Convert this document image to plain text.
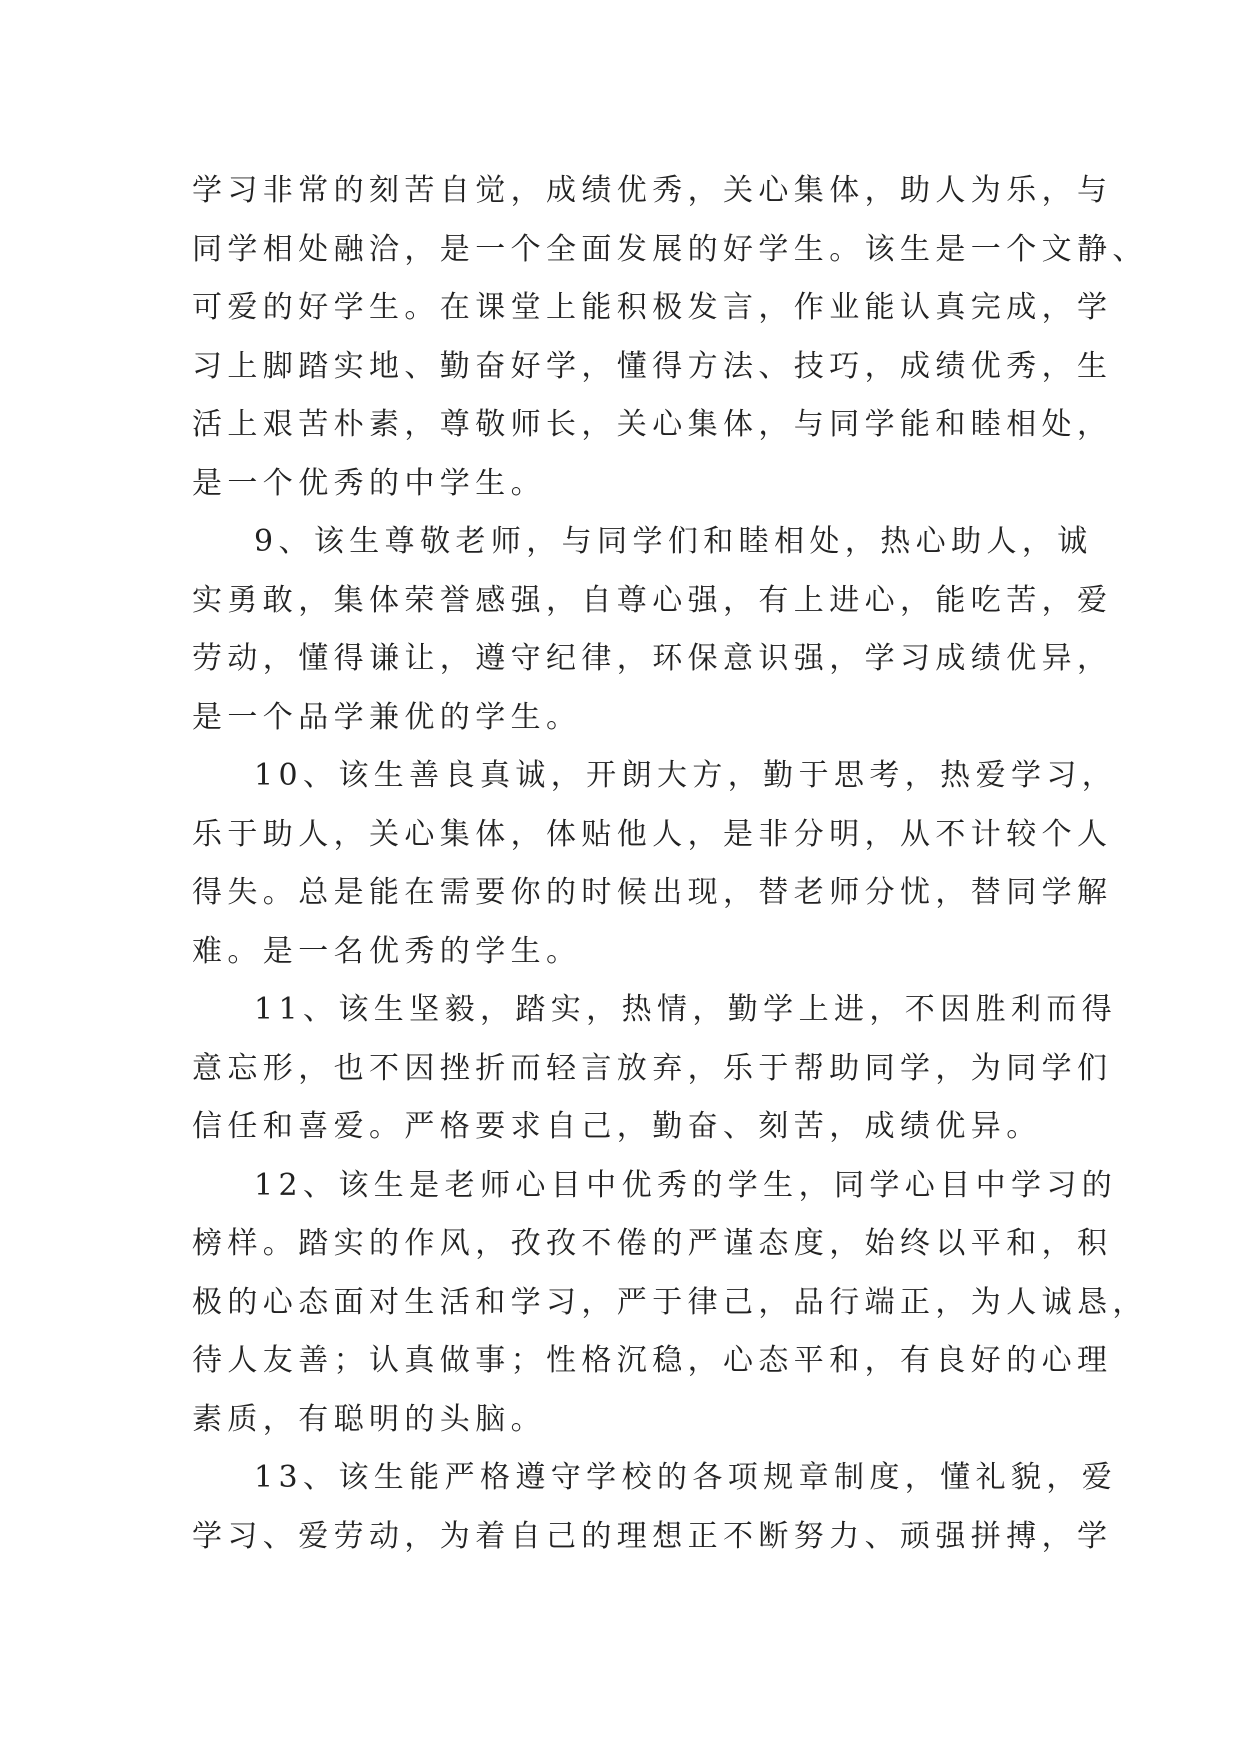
学习非常的刻苦自觉，成绩优秀，关心集体，助人为乐，与
同学相处融洽，是一个全面发展的好学生。该生是一个文静、
可爱的好学生。在课堂上能积极发言，作业能认真完成，学
习上脚踏实地、勤奋好学，懂得方法、技巧，成绩优秀，生
活上艰苦朴素，尊敬师长，关心集体，与同学能和睦相处，
是一个优秀的中学生。
9、该生尊敬老师，与同学们和睦相处，热心助人，诚
实勇敢，集体荣誉感强，自尊心强，有上进心，能吃苦，爱
劳动，懂得谦让，遵守纪律，环保意识强，学习成绩优异，
是一个品学兼优的学生。
10、该生善良真诚，开朗大方，勤于思考，热爱学习，
乐于助人，关心集体，体贴他人，是非分明，从不计较个人
得失。总是能在需要你的时候出现，替老师分忧，替同学解
难。是一名优秀的学生。
11、该生坚毅，踏实，热情，勤学上进，不因胜利而得
意忘形，也不因挫折而轻言放弃，乐于帮助同学，为同学们
信任和喜爱。严格要求自己，勤奋、刻苦，成绩优异。
12、该生是老师心目中优秀的学生，同学心目中学习的
榜样。踏实的作风，孜孜不倦的严谨态度，始终以平和，积
极的心态面对生活和学习，严于律己，品行端正，为人诚恳，
待人友善；认真做事；性格沉稳，心态平和，有良好的心理
素质，有聪明的头脑。
13、该生能严格遵守学校的各项规章制度，懂礼貌，爱
学习、爱劳动，为着自己的理想正不断努力、顽强拼搏，学
